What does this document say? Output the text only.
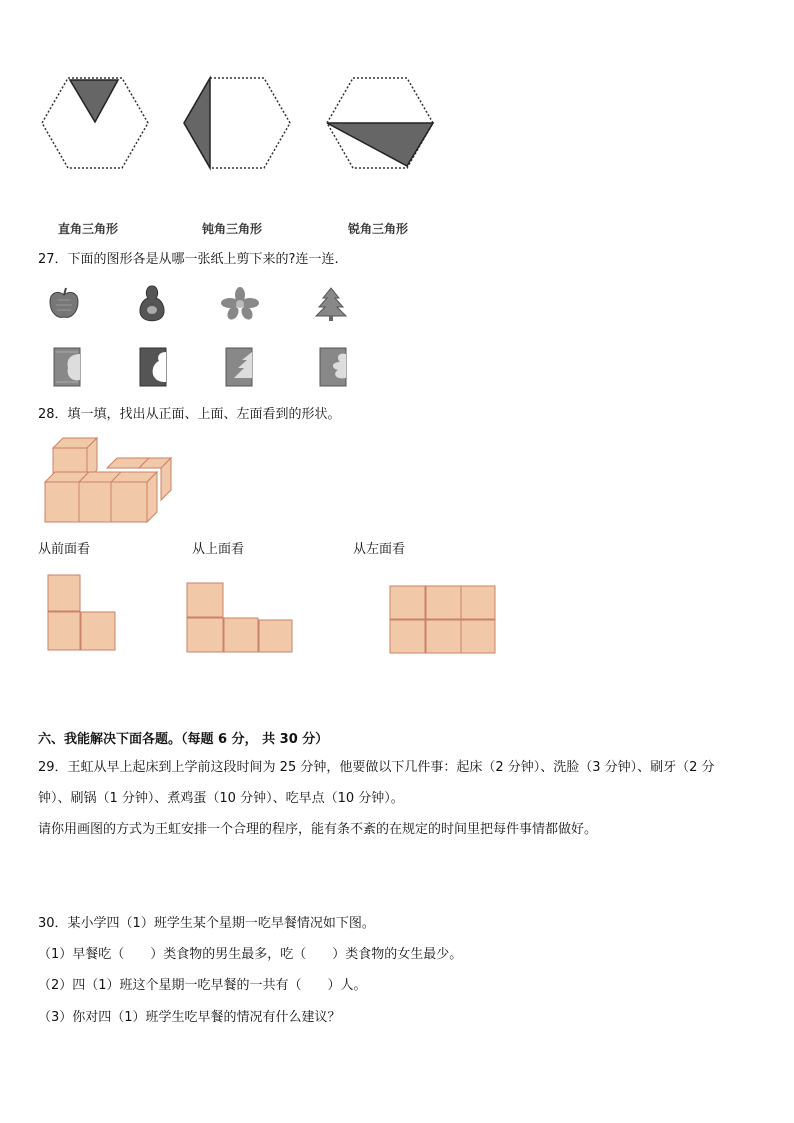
直角三角形	钝角三角形	锐角三角形
27．下面的图形各是从哪一张纸上剪下来的?连一连.
28．填一填，找出从正面、上面、左面看到的形状。
从前面看	从上面看	从左面看
六、我能解决下面各题。（每题 6 分， 共 30 分）
29．王虹从早上起床到上学前这段时间为 25 分钟，他要做以下几件事：起床（2 分钟）、洗脸（3 分钟）、刷牙（2 分
钟）、刷锅（1 分钟）、煮鸡蛋（10 分钟）、吃早点（10 分钟）。
请你用画图的方式为王虹安排一个合理的程序，能有条不紊的在规定的时间里把每件事情都做好。
30．某小学四（1）班学生某个星期一吃早餐情况如下图。
（1）早餐吃（　　）类食物的男生最多，吃（　　）类食物的女生最少。
（2）四（1）班这个星期一吃早餐的一共有（　　）人。
（3）你对四（1）班学生吃早餐的情况有什么建议？
